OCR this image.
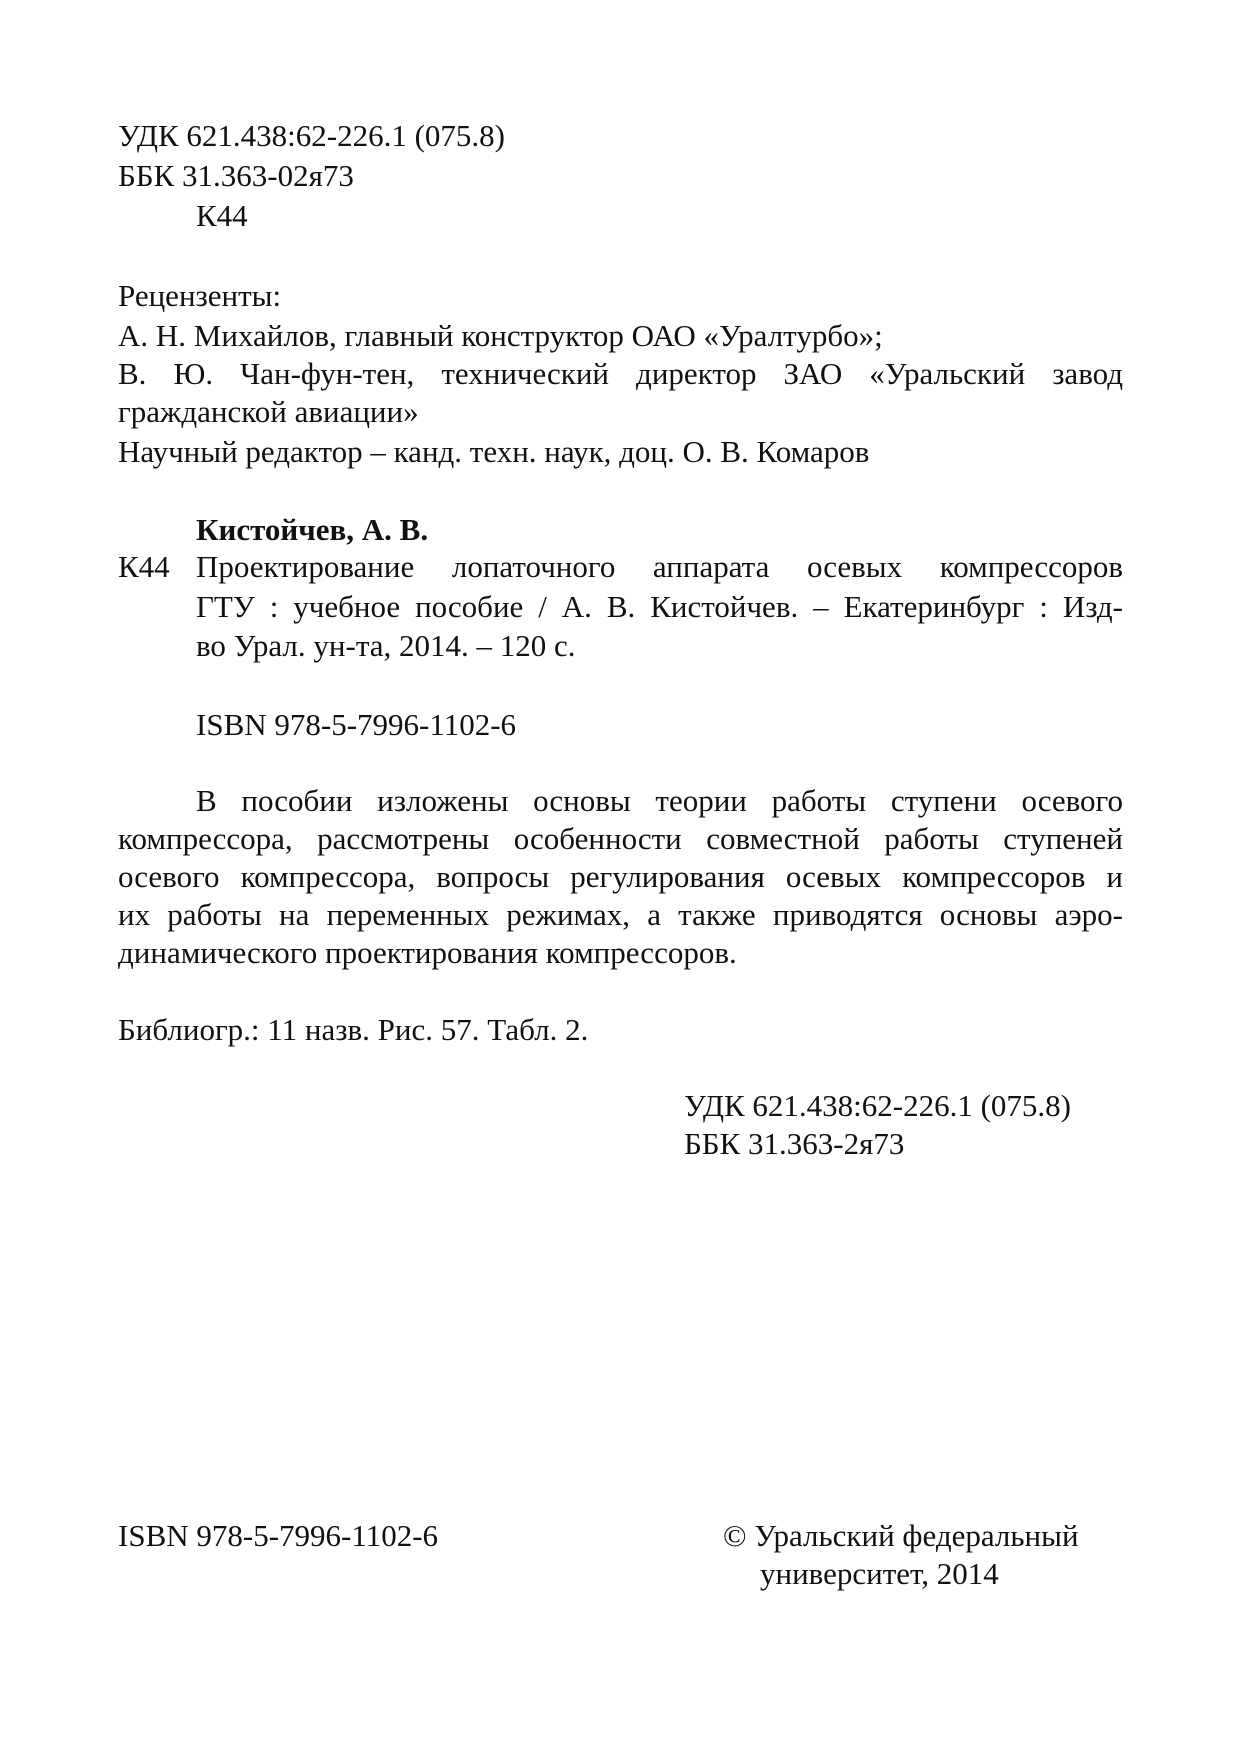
УДК 621.438:62-226.1 (075.8)
ББК 31.363-02я73
К44
Рецензенты:
А. Н. Михайлов, главный конструктор ОАО «Уралтурбо»;
В. Ю. Чан-фун-тен, технический директор ЗАО «Уральский завод
гражданской авиации»
Научный редактор – канд. техн. наук, доц. О. В. Комаров
Кистойчев, А. В.
К44 Проектирование лопаточного аппарата осевых компрессоров
ГТУ : учебное пособие / А. В. Кистойчев. – Екатеринбург : Изд-
во Урал. ун-та, 2014. – 120 с.
ISBN 978-5-7996-1102-6
В пособии изложены основы теории работы ступени осевого
компрессора, рассмотрены особенности совместной работы ступеней
осевого компрессора, вопросы регулирования осевых компрессоров и
их работы на переменных режимах, а также приводятся основы аэро-
динамического проектирования компрессоров.
Библиогр.: 11 назв. Рис. 57. Табл. 2.
УДК 621.438:62-226.1 (075.8)
ББК 31.363-2я73
ISBN 978-5-7996-1102-6	© Уральский федеральный
университет, 2014
